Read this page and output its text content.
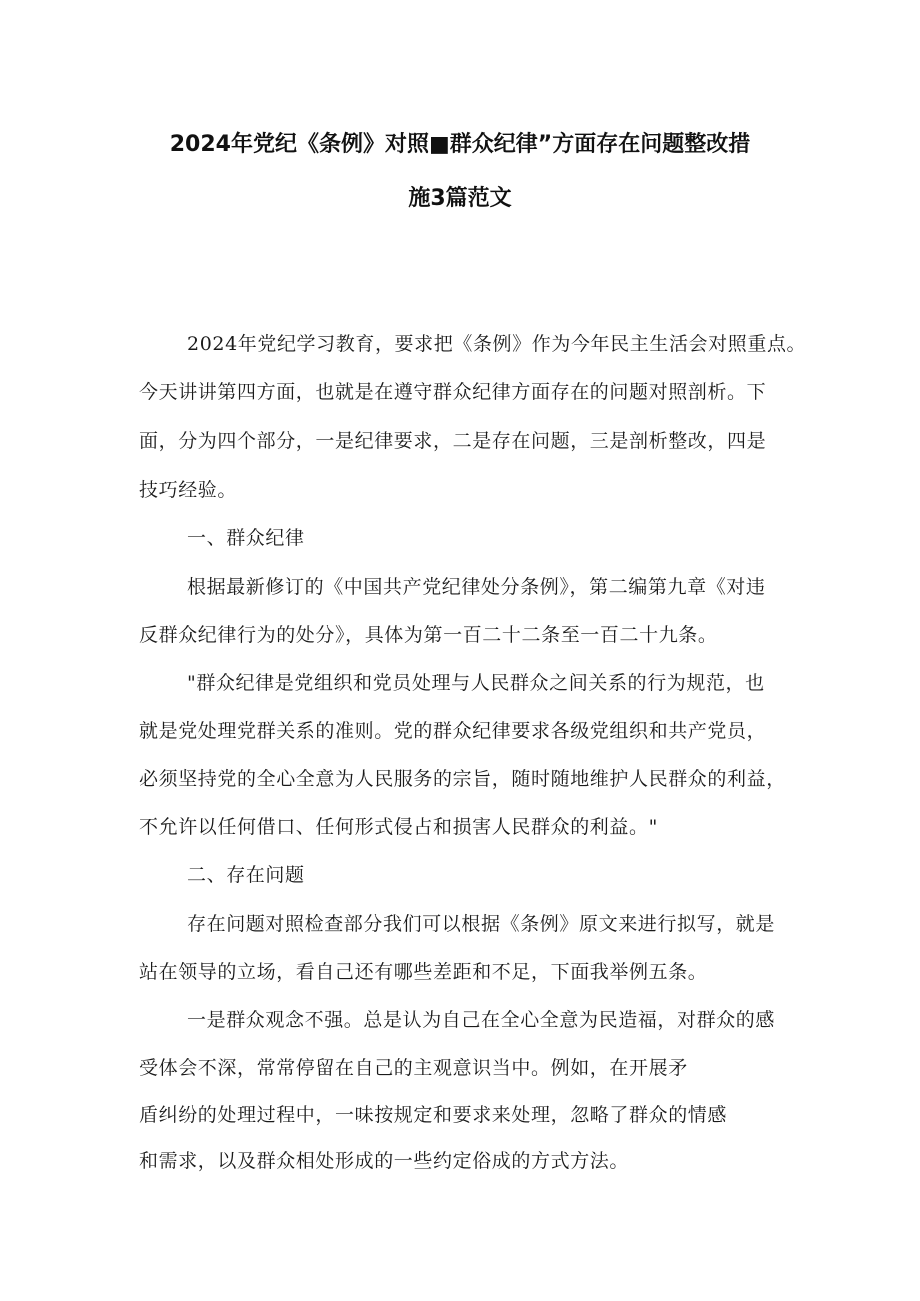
2024年党纪《条例》对照■群众纪律”方面存在问题整改措
施3篇范文
2024年党纪学习教育，要求把《条例》作为今年民主生活会对照重点。
今天讲讲第四方面，也就是在遵守群众纪律方面存在的问题对照剖析。下
面，分为四个部分，一是纪律要求，二是存在问题，三是剖析整改，四是
技巧经验。
一、群众纪律
根据最新修订的《中国共产党纪律处分条例》，第二编第九章《对违
反群众纪律行为的处分》，具体为第一百二十二条至一百二十九条。
"群众纪律是党组织和党员处理与人民群众之间关系的行为规范，也
就是党处理党群关系的准则。党的群众纪律要求各级党组织和共产党员，
必须坚持党的全心全意为人民服务的宗旨，随时随地维护人民群众的利益，
不允许以任何借口、任何形式侵占和损害人民群众的利益。"
二、存在问题
存在问题对照检查部分我们可以根据《条例》原文来进行拟写，就是
站在领导的立场，看自己还有哪些差距和不足，下面我举例五条。
一是群众观念不强。总是认为自己在全心全意为民造福，对群众的感
受体会不深，常常停留在自己的主观意识当中。例如，在开展矛
盾纠纷的处理过程中，一味按规定和要求来处理，忽略了群众的情感
和需求，以及群众相处形成的一些约定俗成的方式方法。
